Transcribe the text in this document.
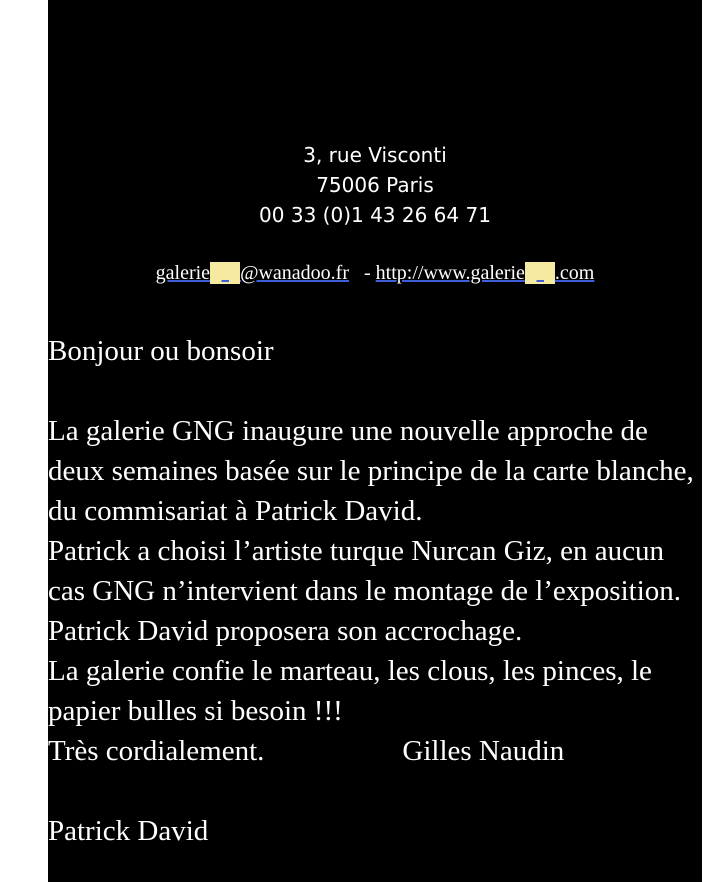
3, rue Visconti
75006 Paris
00 33 (0)1 43 26 64 71
galeriegng@wanadoo.fr - http://www.galeriegng.com

Bonjour ou bonsoir

La galerie GNG inaugure une nouvelle approche de deux semaines basée sur le principe de la carte blanche, du commisariat à Patrick David.

Patrick a choisi l’artiste turque Nurcan Giz, en aucun cas GNG n’intervient dans le montage de l’exposition. Patrick David proposera son accrochage.

La galerie confie le marteau, les clous, les pinces, le papier bulles si besoin !!!

Très cordialement.	Gilles Naudin

Patrick David
